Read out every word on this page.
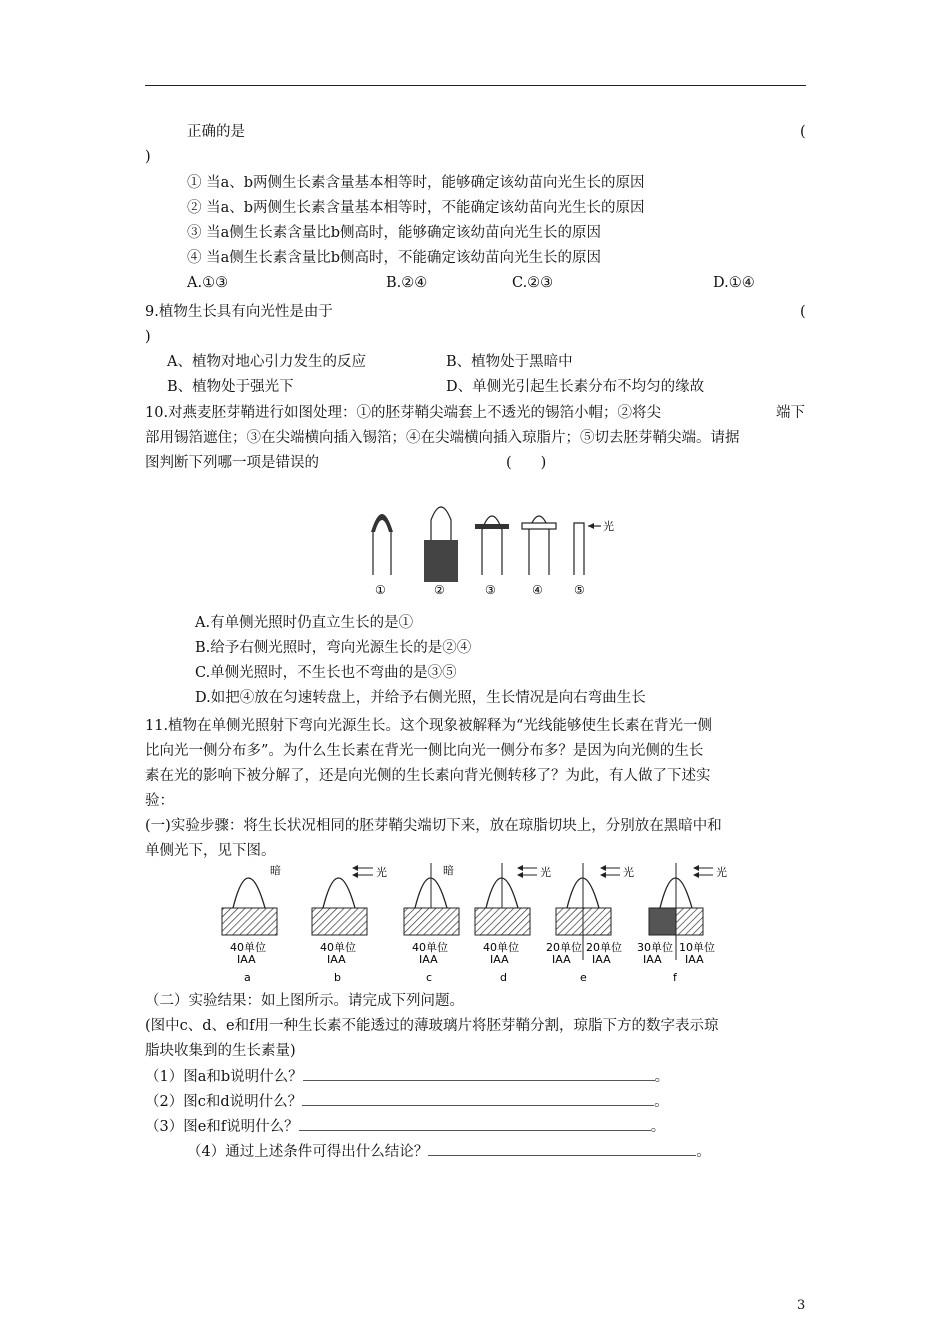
正确的是	(
)
① 当a、b两侧生长素含量基本相等时，能够确定该幼苗向光生长的原因
② 当a、b两侧生长素含量基本相等时，不能确定该幼苗向光生长的原因
③ 当a侧生长素含量比b侧高时，能够确定该幼苗向光生长的原因
④ 当a侧生长素含量比b侧高时，不能确定该幼苗向光生长的原因
A.①③	B.②④	C.②③	D.①④
9.植物生长具有向光性是由于	(
)
A、植物对地心引力发生的反应	B、植物处于黑暗中
B、植物处于强光下	D、单侧光引起生长素分布不均匀的缘故
10.对燕麦胚芽鞘进行如图处理：①的胚芽鞘尖端套上不透光的锡箔小帽；②将尖	端下
部用锡箔遮住；③在尖端横向插入锡箔；④在尖端横向插入琼脂片；⑤切去胚芽鞘尖端。请据
图判断下列哪一项是错误的	(　　)
光
①	②	③	④	⑤
A.有单侧光照时仍直立生长的是①
B.给予右侧光照时，弯向光源生长的是②④
C.单侧光照时，不生长也不弯曲的是③⑤
D.如把④放在匀速转盘上，并给予右侧光照，生长情况是向右弯曲生长
11.植物在单侧光照射下弯向光源生长。这个现象被解释为“光线能够使生长素在背光一侧
比向光一侧分布多”。为什么生长素在背光一侧比向光一侧分布多？是因为向光侧的生长
素在光的影响下被分解了，还是向光侧的生长素向背光侧转移了？为此，有人做了下述实
验：
(一)实验步骤：将生长状况相同的胚芽鞘尖端切下来，放在琼脂切块上，分别放在黑暗中和
单侧光下，见下图。
暗
40单位
IAA
a
光
40单位
IAA
b
暗
40单位
IAA
c
光
40单位
IAA
d
光
20单位
IAA
20单位
IAA
e
光
30单位
IAA
10单位
IAA
f
（二）实验结果：如上图所示。请完成下列问题。
(图中c、d、e和f用一种生长素不能透过的薄玻璃片将胚芽鞘分割，琼脂下方的数字表示琼
脂块收集到的生长素量)
（1）图a和b说明什么？	。
（2）图c和d说明什么？	。
（3）图e和f说明什么？	。
（4）通过上述条件可得出什么结论？	。
3
